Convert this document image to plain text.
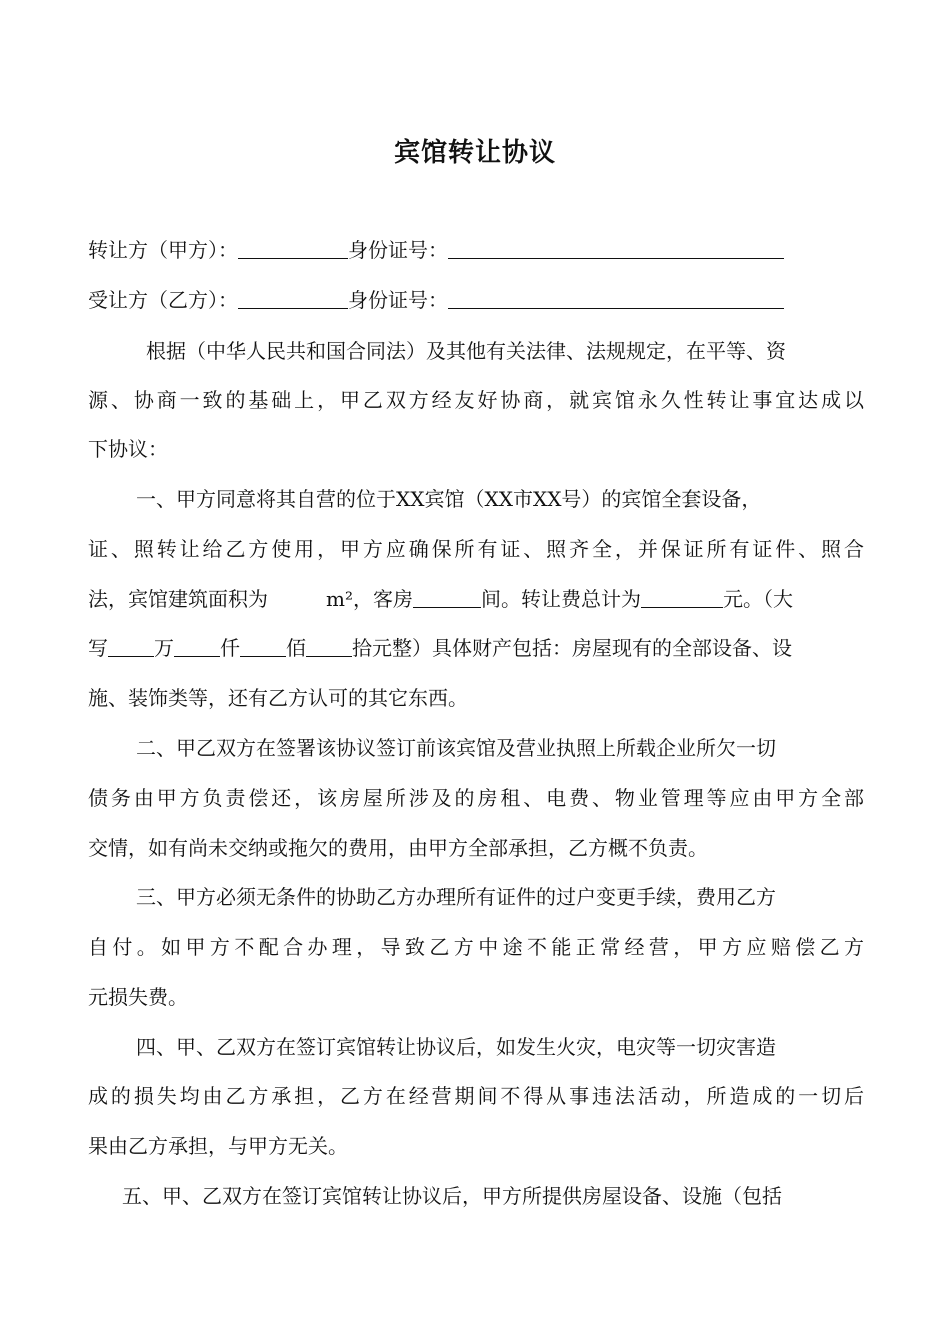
宾馆转让协议
转让方（甲方）：	身份证号：
受让方（乙方）：	身份证号：
根据（中华人民共和国合同法）及其他有关法律、法规规定，在平等、资
源、协商一致的基础上，甲乙双方经友好协商，就宾馆永久性转让事宜达成以
下协议：
一、甲方同意将其自营的位于XX宾馆（XX市XX号）的宾馆全套设备，
证、照转让给乙方使用，甲方应确保所有证、照齐全，并保证所有证件、照合
法，宾馆建筑面积为	m²，客房	间。转让费总计为	元。（大
写 万 仟 佰 拾元整）具体财产包括：房屋现有的全部设备、设
施、装饰类等，还有乙方认可的其它东西。
二、甲乙双方在签署该协议签订前该宾馆及营业执照上所载企业所欠一切
债务由甲方负责偿还，该房屋所涉及的房租、电费、物业管理等应由甲方全部
交情，如有尚未交纳或拖欠的费用，由甲方全部承担，乙方概不负责。
三、甲方必须无条件的协助乙方办理所有证件的过户变更手续，费用乙方
自付。如甲方不配合办理，导致乙方中途不能正常经营，甲方应赔偿乙方
元损失费。
四、甲、乙双方在签订宾馆转让协议后，如发生火灾，电灾等一切灾害造
成的损失均由乙方承担，乙方在经营期间不得从事违法活动，所造成的一切后
果由乙方承担，与甲方无关。
五、甲、乙双方在签订宾馆转让协议后，甲方所提供房屋设备、设施（包括
